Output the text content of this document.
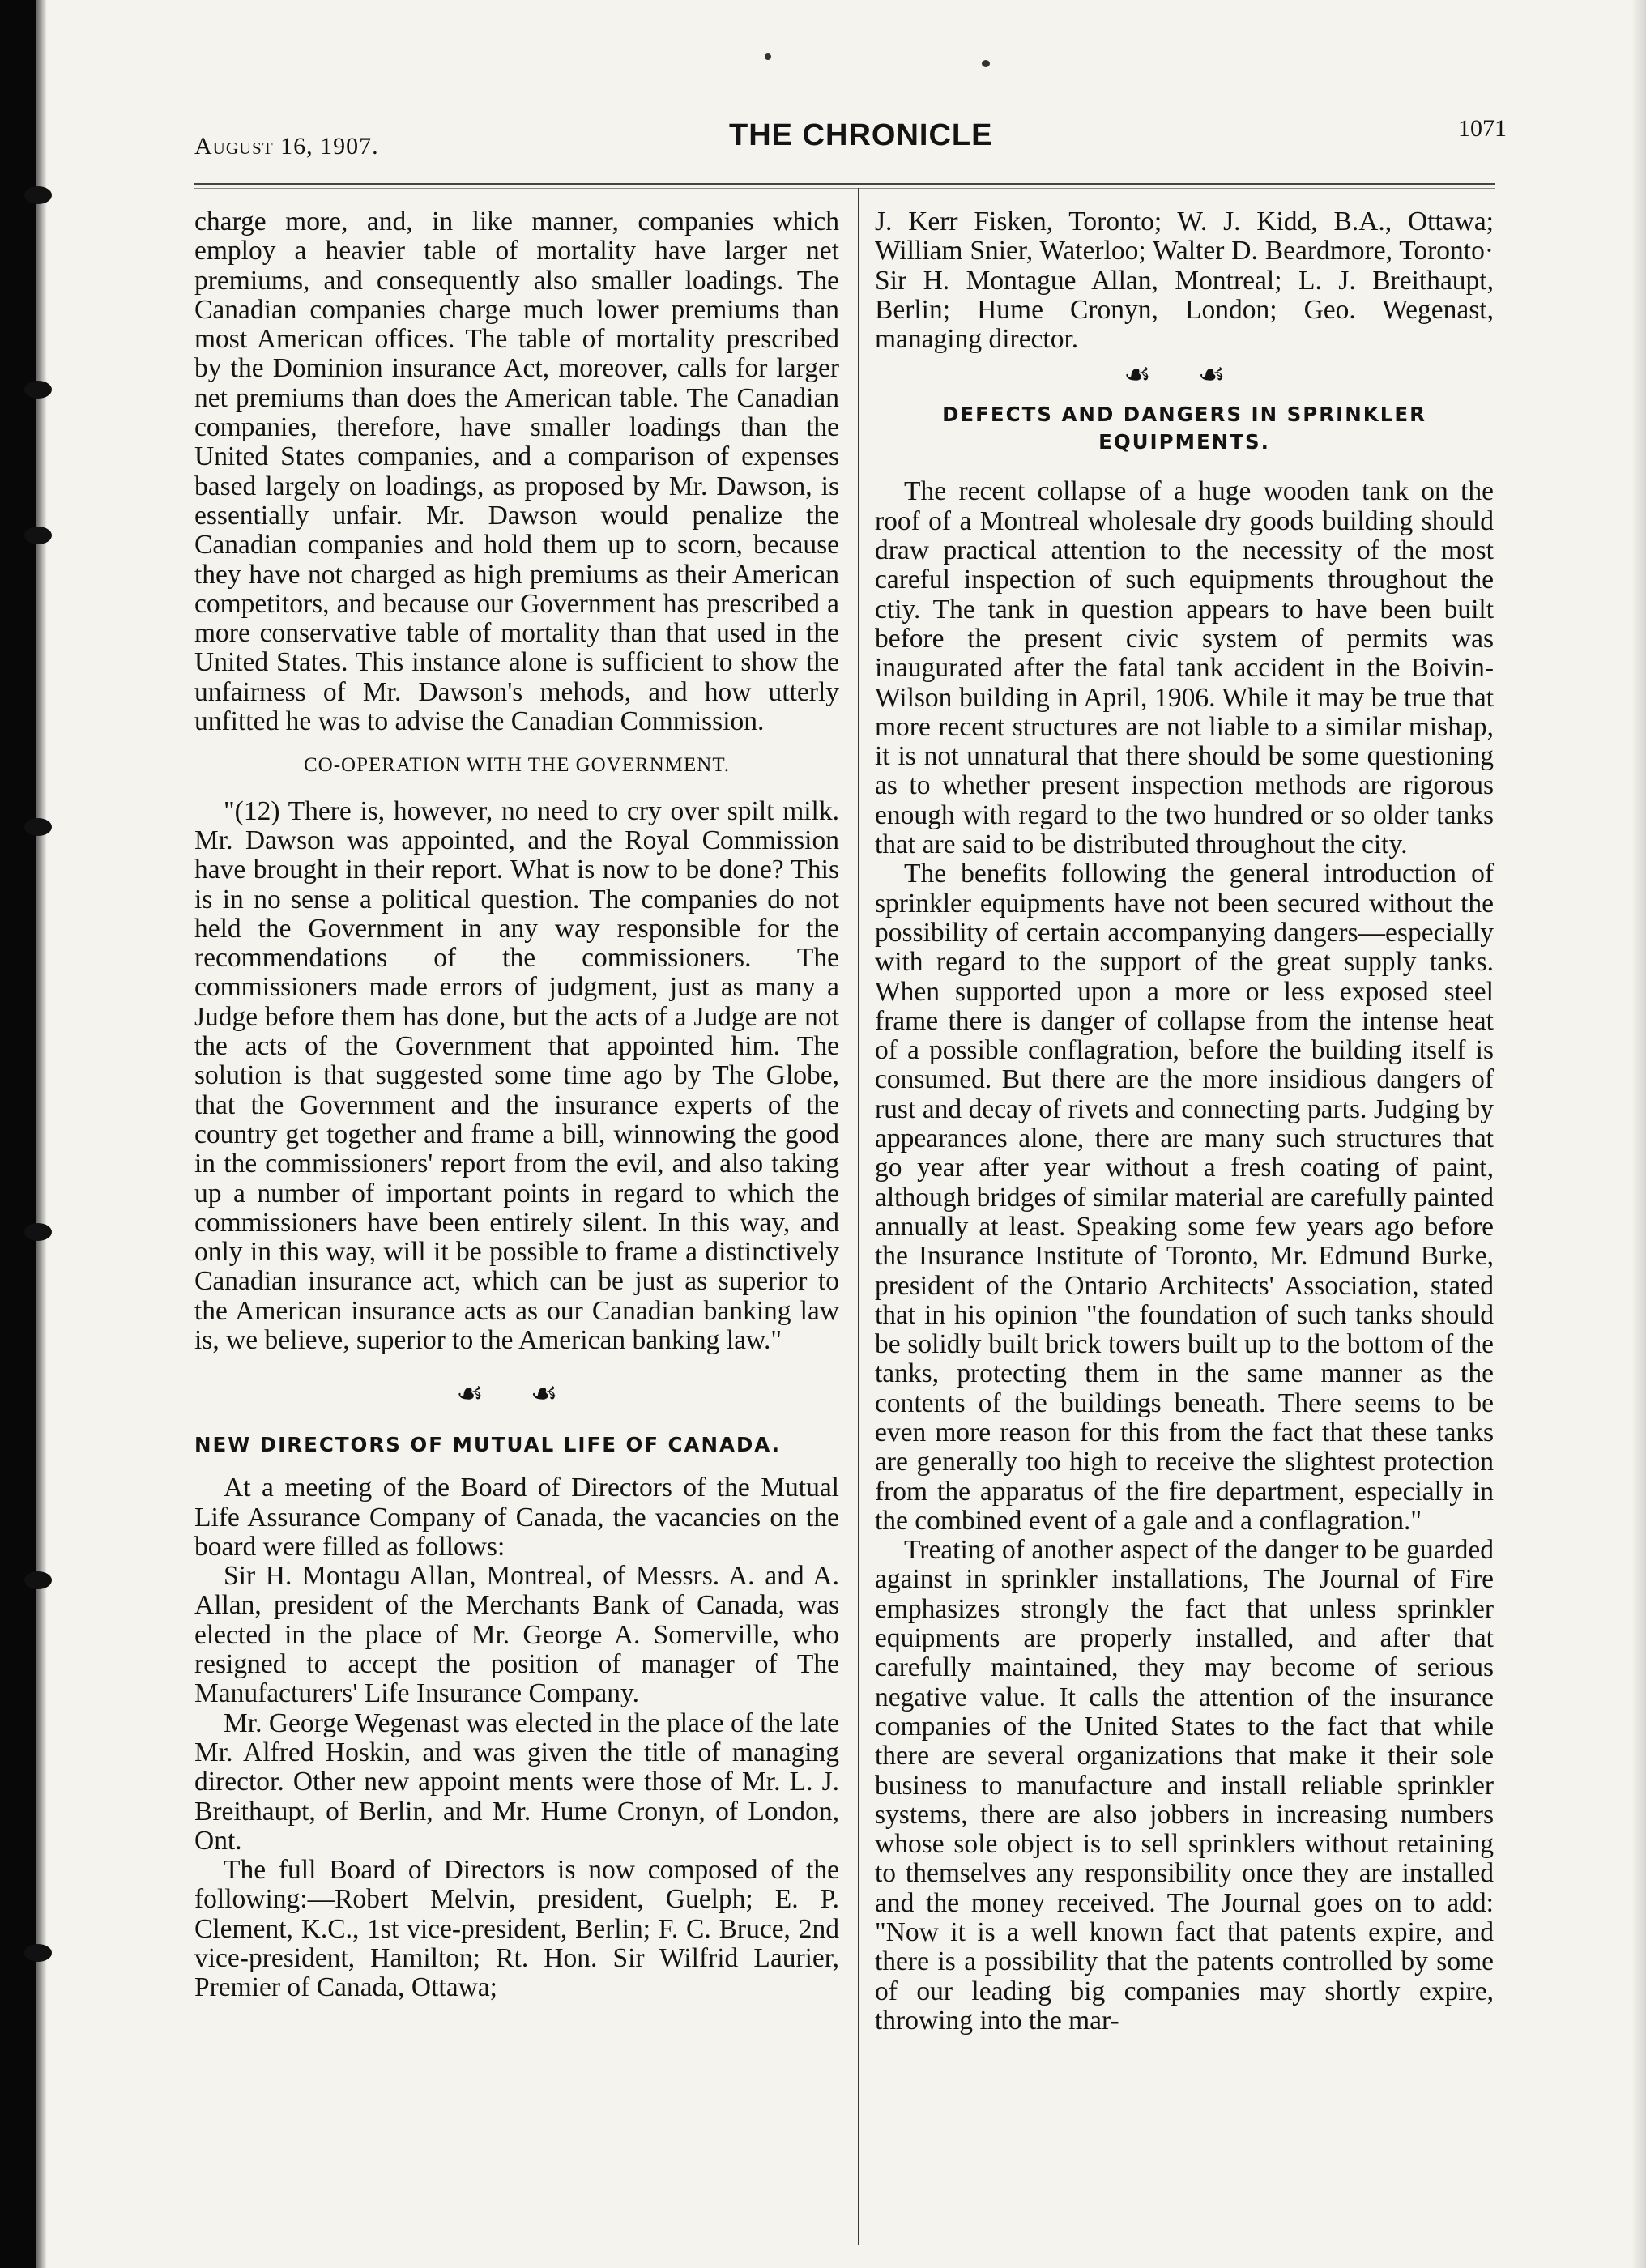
August 16, 1907.	THE CHRONICLE	1071

charge more, and, in like manner, companies which employ a heavier table of mortality have larger net premiums, and consequently also smaller loadings. The Canadian companies charge much lower premiums than most American offices. The table of mortality prescribed by the Dominion insurance Act, moreover, calls for larger net premiums than does the American table. The Canadian companies, therefore, have smaller loadings than the United States companies, and a comparison of expenses based largely on loadings, as proposed by Mr. Dawson, is essentially unfair. Mr. Dawson would penalize the Canadian companies and hold them up to scorn, because they have not charged as high premiums as their American competitors, and because our Government has prescribed a more conservative table of mortality than that used in the United States. This instance alone is sufficient to show the unfairness of Mr. Dawson's mehods, and how utterly unfitted he was to advise the Canadian Commission.

CO-OPERATION WITH THE GOVERNMENT.

"(12) There is, however, no need to cry over spilt milk. Mr. Dawson was appointed, and the Royal Commission have brought in their report. What is now to be done? This is in no sense a political question. The companies do not held the Government in any way responsible for the recommendations of the commissioners. The commissioners made errors of judgment, just as many a Judge before them has done, but the acts of a Judge are not the acts of the Government that appointed him. The solution is that suggested some time ago by The Globe, that the Government and the insurance experts of the country get together and frame a bill, winnowing the good in the commissioners' report from the evil, and also taking up a number of important points in regard to which the commissioners have been entirely silent. In this way, and only in this way, will it be possible to frame a distinctively Canadian insurance act, which can be just as superior to the American insurance acts as our Canadian banking law is, we believe, superior to the American banking law."

☙ ☙

NEW DIRECTORS OF MUTUAL LIFE OF CANADA.

At a meeting of the Board of Directors of the Mutual Life Assurance Company of Canada, the vacancies on the board were filled as follows:

Sir H. Montagu Allan, Montreal, of Messrs. A. and A. Allan, president of the Merchants Bank of Canada, was elected in the place of Mr. George A. Somerville, who resigned to accept the position of manager of The Manufacturers' Life Insurance Company.

Mr. George Wegenast was elected in the place of the late Mr. Alfred Hoskin, and was given the title of managing director. Other new appoint ments were those of Mr. L. J. Breithaupt, of Berlin, and Mr. Hume Cronyn, of London, Ont.

The full Board of Directors is now composed of the following:—Robert Melvin, president, Guelph; E. P. Clement, K.C., 1st vice-president, Berlin; F. C. Bruce, 2nd vice-president, Hamilton; Rt. Hon. Sir Wilfrid Laurier, Premier of Canada, Ottawa;

J. Kerr Fisken, Toronto; W. J. Kidd, B.A., Ottawa; William Snier, Waterloo; Walter D. Beardmore, Toronto· Sir H. Montague Allan, Montreal; L. J. Breithaupt, Berlin; Hume Cronyn, London; Geo. Wegenast, managing director.

☙ ☙

DEFECTS AND DANGERS IN SPRINKLER EQUIPMENTS.

The recent collapse of a huge wooden tank on the roof of a Montreal wholesale dry goods building should draw practical attention to the necessity of the most careful inspection of such equipments throughout the ctiy. The tank in question appears to have been built before the present civic system of permits was inaugurated after the fatal tank accident in the Boivin-Wilson building in April, 1906. While it may be true that more recent structures are not liable to a similar mishap, it is not unnatural that there should be some questioning as to whether present inspection methods are rigorous enough with regard to the two hundred or so older tanks that are said to be distributed throughout the city.

The benefits following the general introduction of sprinkler equipments have not been secured without the possibility of certain accompanying dangers—especially with regard to the support of the great supply tanks. When supported upon a more or less exposed steel frame there is danger of collapse from the intense heat of a possible conflagration, before the building itself is consumed. But there are the more insidious dangers of rust and decay of rivets and connecting parts. Judging by appearances alone, there are many such structures that go year after year without a fresh coating of paint, although bridges of similar material are carefully painted annually at least. Speaking some few years ago before the Insurance Institute of Toronto, Mr. Edmund Burke, president of the Ontario Architects' Association, stated that in his opinion "the foundation of such tanks should be solidly built brick towers built up to the bottom of the tanks, protecting them in the same manner as the contents of the buildings beneath. There seems to be even more reason for this from the fact that these tanks are generally too high to receive the slightest protection from the apparatus of the fire department, especially in the combined event of a gale and a conflagration."

Treating of another aspect of the danger to be guarded against in sprinkler installations, The Journal of Fire emphasizes strongly the fact that unless sprinkler equipments are properly installed, and after that carefully maintained, they may become of serious negative value. It calls the attention of the insurance companies of the United States to the fact that while there are several organizations that make it their sole business to manufacture and install reliable sprinkler systems, there are also jobbers in increasing numbers whose sole object is to sell sprinklers without retaining to themselves any responsibility once they are installed and the money received. The Journal goes on to add: "Now it is a well known fact that patents expire, and there is a possibility that the patents controlled by some of our leading big companies may shortly expire, throwing into the mar-
